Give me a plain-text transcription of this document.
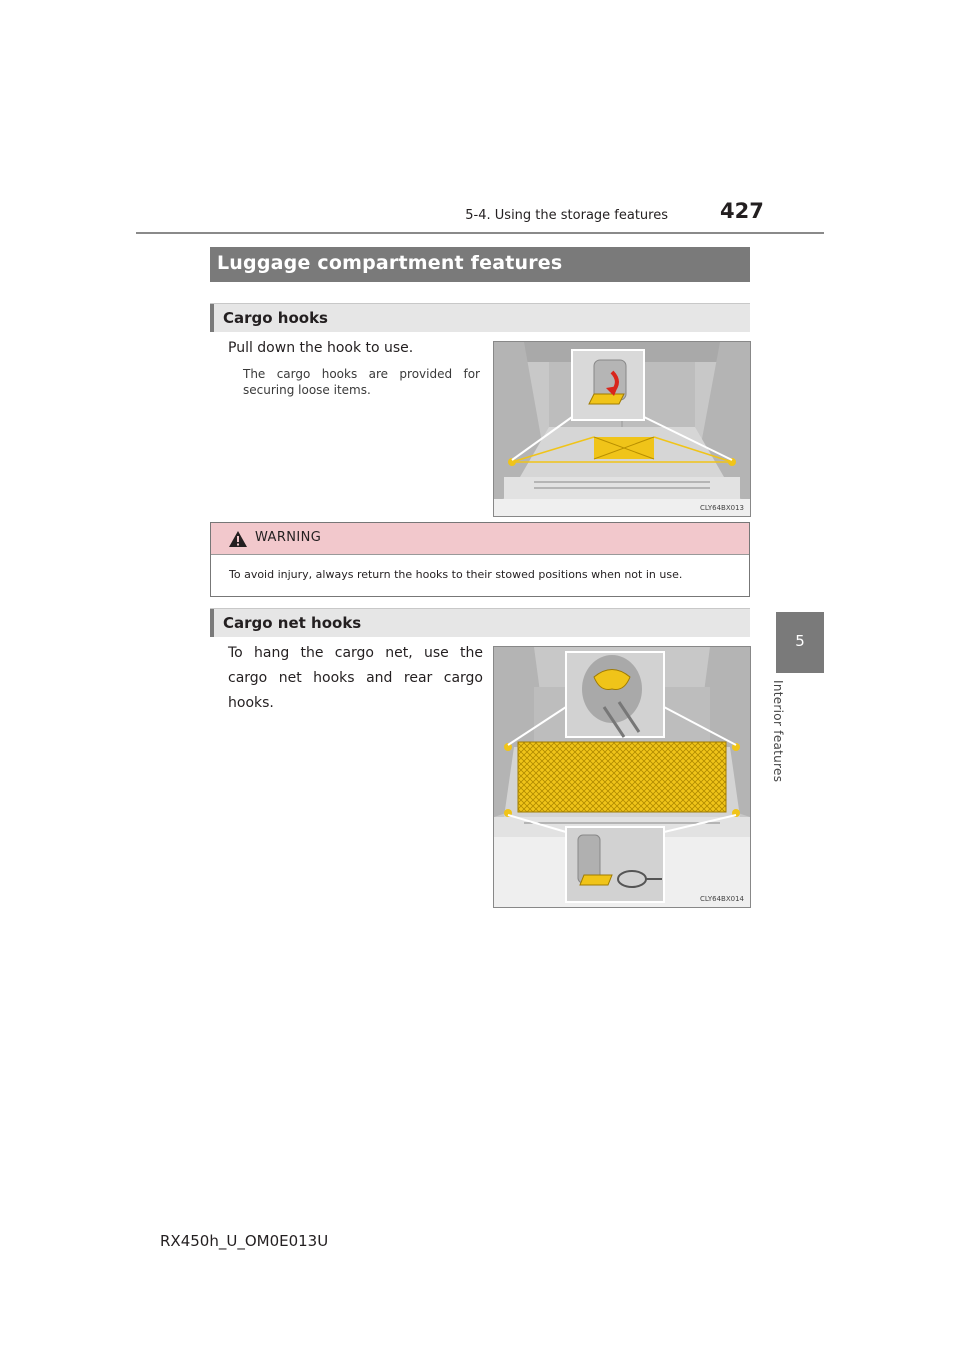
5-4. Using the storage features 427
5
Interior features
Luggage compartment features
Cargo hooks
Pull down the hook to use.
The cargo hooks are provided for securing loose items.
CLY64BX013
WARNING
To avoid injury, always return the hooks to their stowed positions when not in use.
Cargo net hooks
To hang the cargo net, use the cargo net hooks and rear cargo hooks.
CLY64BX014
RX450h_U_OM0E013U
